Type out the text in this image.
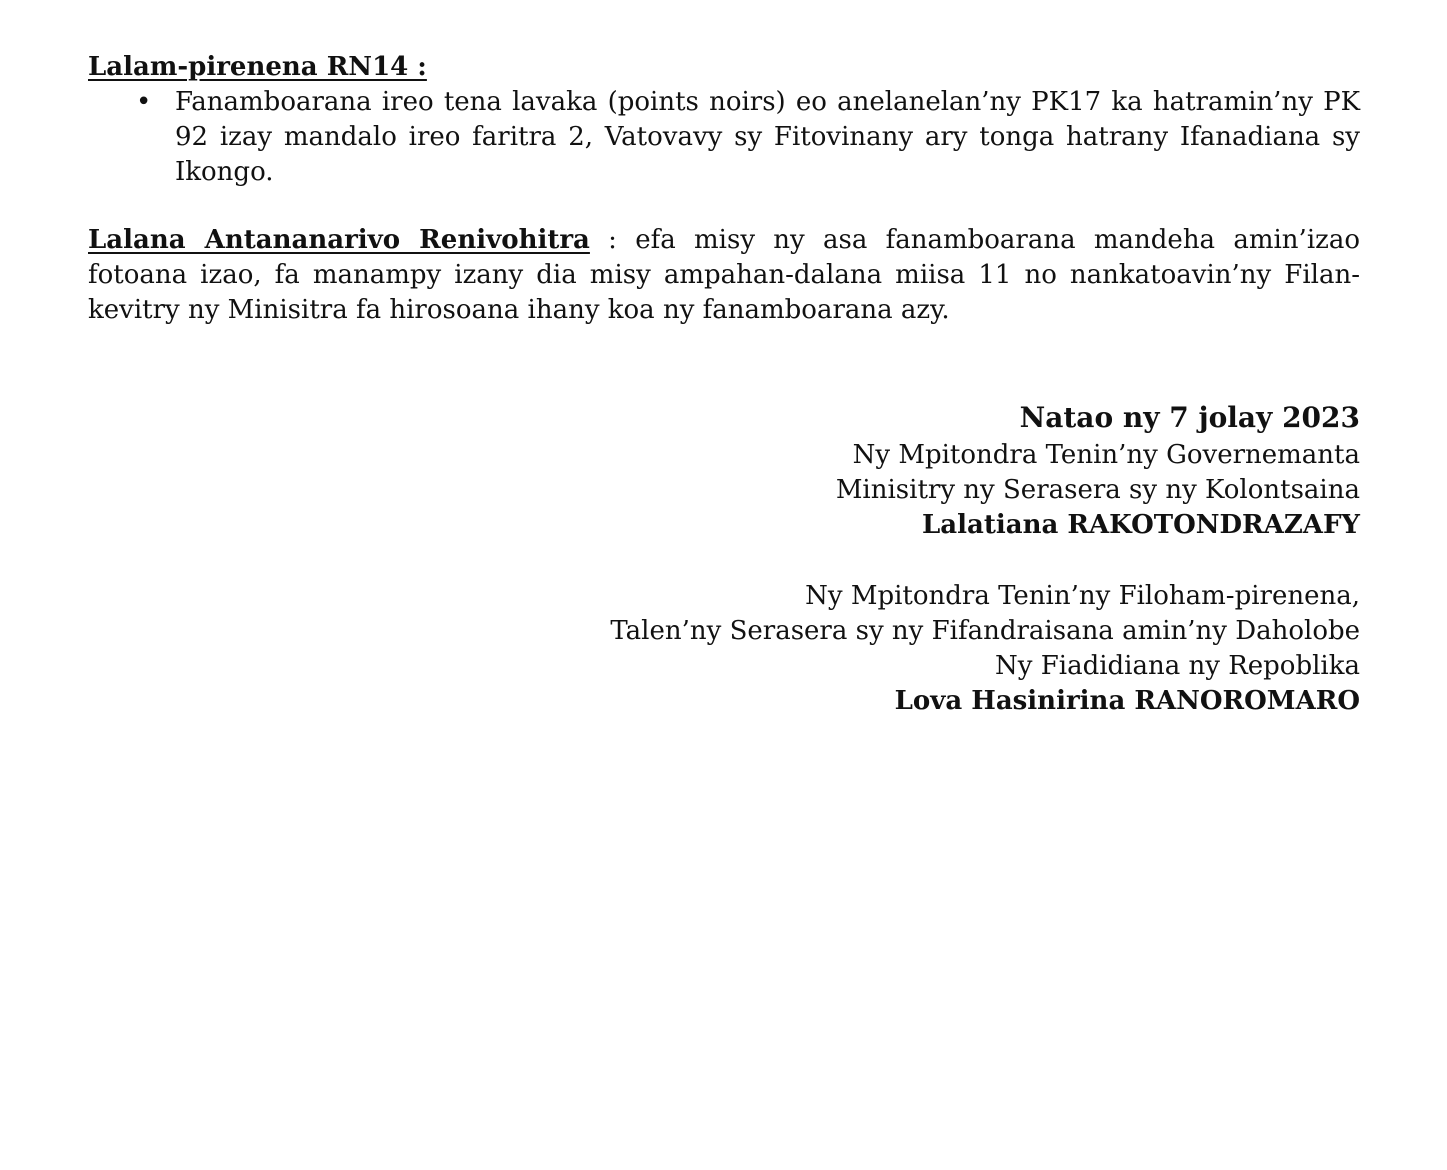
Lalam-pirenena RN14 :
• Fanamboarana ireo tena lavaka (points noirs) eo anelanelan’ny PK17 ka hatramin’ny PK 92 izay mandalo ireo faritra 2, Vatovavy sy Fitovinany ary tonga hatrany Ifanadiana sy Ikongo.

Lalana Antananarivo Renivohitra : efa misy ny asa fanamboarana mandeha amin’izao fotoana izao, fa manampy izany dia misy ampahan-dalana miisa 11 no nankatoavin’ny Filan-kevitry ny Minisitra fa hirosoana ihany koa ny fanamboarana azy.

Natao ny 7 jolay 2023
Ny Mpitondra Tenin’ny Governemanta
Minisitry ny Serasera sy ny Kolontsaina
Lalatiana RAKOTONDRAZAFY
Ny Mpitondra Tenin’ny Filoham-pirenena,
Talen’ny Serasera sy ny Fifandraisana amin’ny Daholobe
Ny Fiadidiana ny Repoblika
Lova Hasinirina RANOROMARO
